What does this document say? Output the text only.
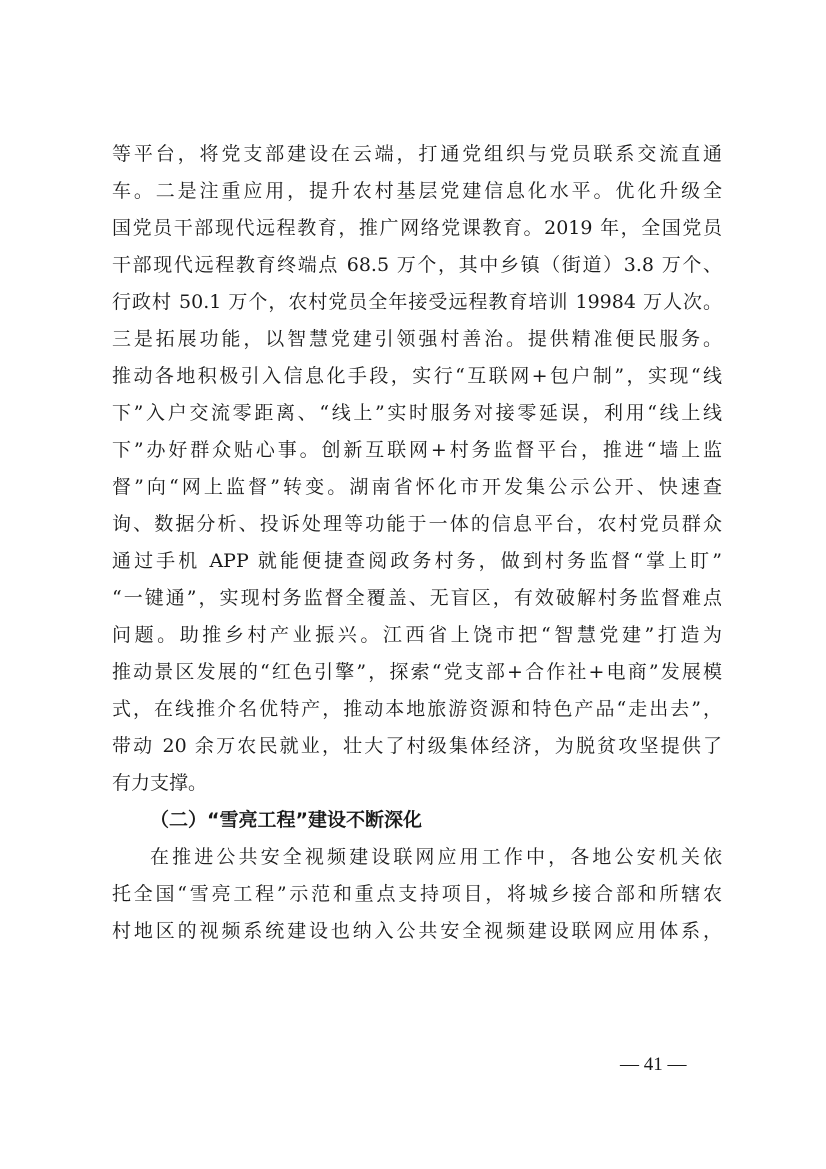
等平台，将党支部建设在云端，打通党组织与党员联系交流直通
车。二是注重应用，提升农村基层党建信息化水平。优化升级全
国党员干部现代远程教育，推广网络党课教育。2019 年，全国党员
干部现代远程教育终端点 68.5 万个，其中乡镇（街道）3.8 万个、
行政村 50.1 万个，农村党员全年接受远程教育培训 19984 万人次。
三是拓展功能，以智慧党建引领强村善治。提供精准便民服务。
推动各地积极引入信息化手段，实行“互联网+包户制”，实现“线
下”入户交流零距离、“线上”实时服务对接零延误，利用“线上线
下”办好群众贴心事。创新互联网+村务监督平台，推进“墙上监
督”向“网上监督”转变。湖南省怀化市开发集公示公开、快速查
询、数据分析、投诉处理等功能于一体的信息平台，农村党员群众
通过手机 APP 就能便捷查阅政务村务，做到村务监督“掌上盯”
“一键通”，实现村务监督全覆盖、无盲区，有效破解村务监督难点
问题。助推乡村产业振兴。江西省上饶市把“智慧党建”打造为
推动景区发展的“红色引擎”，探索“党支部+合作社+电商”发展模
式，在线推介名优特产，推动本地旅游资源和特色产品“走出去”，
带动 20 余万农民就业，壮大了村级集体经济，为脱贫攻坚提供了
有力支撑。
（二）“雪亮工程”建设不断深化
在推进公共安全视频建设联网应用工作中，各地公安机关依
托全国“雪亮工程”示范和重点支持项目，将城乡接合部和所辖农
村地区的视频系统建设也纳入公共安全视频建设联网应用体系，
— 41 —
